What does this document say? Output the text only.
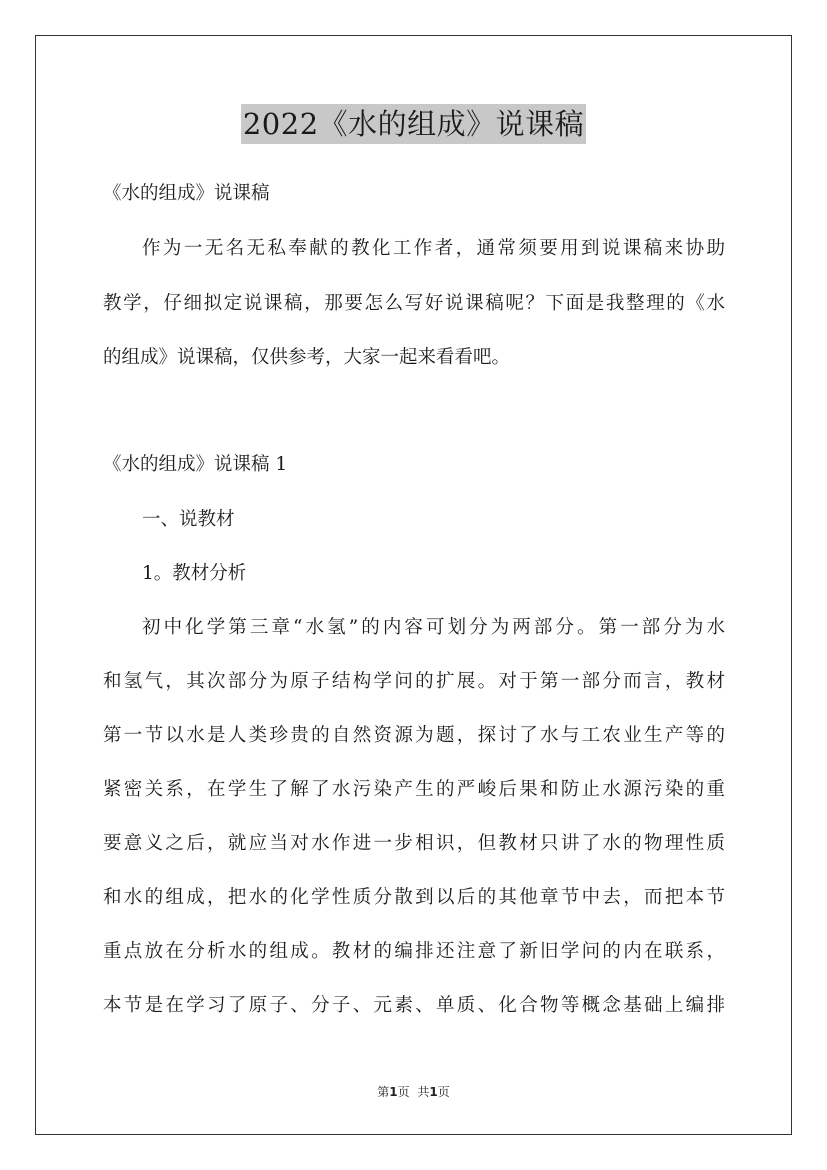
2022《水的组成》说课稿

《水的组成》说课稿

作为一无名无私奉献的教化工作者，通常须要用到说课稿来协助

教学，仔细拟定说课稿，那要怎么写好说课稿呢？下面是我整理的《水

的组成》说课稿，仅供参考，大家一起来看看吧。

《水的组成》说课稿 1

一、说教材

1。教材分析

初中化学第三章“水氢”的内容可划分为两部分。第一部分为水

和氢气，其次部分为原子结构学问的扩展。对于第一部分而言，教材

第一节以水是人类珍贵的自然资源为题，探讨了水与工农业生产等的

紧密关系，在学生了解了水污染产生的严峻后果和防止水源污染的重

要意义之后，就应当对水作进一步相识，但教材只讲了水的物理性质

和水的组成，把水的化学性质分散到以后的其他章节中去，而把本节

重点放在分析水的组成。教材的编排还注意了新旧学问的内在联系，

本节是在学习了原子、分子、元素、单质、化合物等概念基础上编排

第1页 共1页
